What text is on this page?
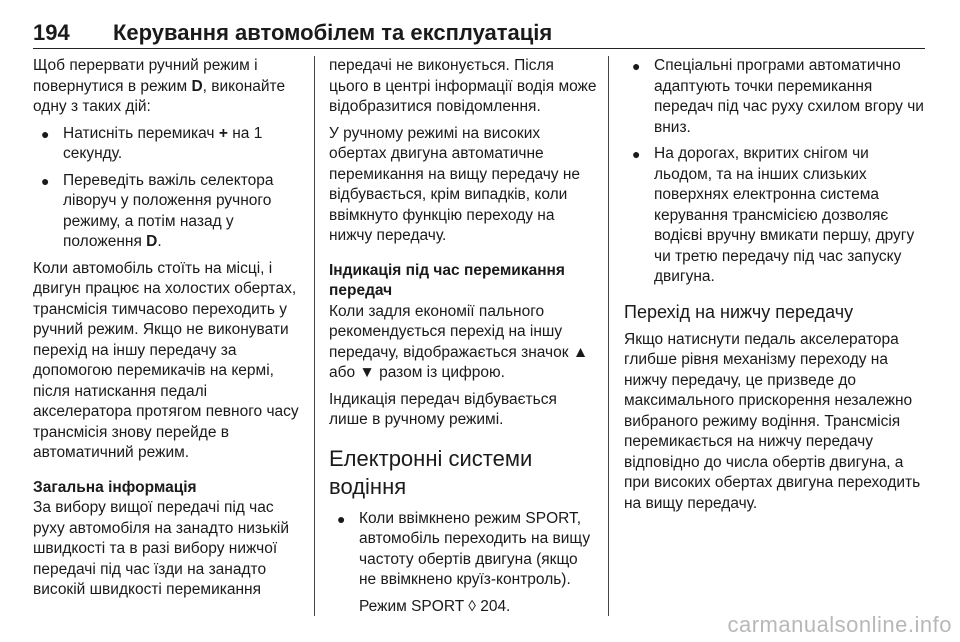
194 Керування автомобілем та експлуатація

Щоб перервати ручний режим і повернутися в режим D, виконайте одну з таких дій:

● Натисніть перемикач + на 1 секунду.
● Переведіть важіль селектора ліворуч у положення ручного режиму, а потім назад у положення D.

Коли автомобіль стоїть на місці, і двигун працює на холостих обертах, трансмісія тимчасово переходить у ручний режим. Якщо не виконувати перехід на іншу передачу за допомогою перемикачів на кермі, після натискання педалі акселератора протягом певного часу трансмісія знову перейде в автоматичний режим.

Загальна інформація

За вибору вищої передачі під час руху автомобіля на занадто низькій швидкості та в разі вибору нижчої передачі під час їзди на занадто високій швидкості перемикання

передачі не виконується. Після цього в центрі інформації водія може відобразитися повідомлення.

У ручному режимі на високих обертах двигуна автоматичне перемикання на вищу передачу не відбувається, крім випадків, коли ввімкнуто функцію переходу на нижчу передачу.

Індикація під час перемикання передач

Коли задля економії пального рекомендується перехід на іншу передачу, відображається значок ▲ або ▼ разом із цифрою.

Індикація передач відбувається лише в ручному режимі.

Електронні системи водіння

● Коли ввімкнено режим SPORT, автомобіль переходить на вищу частоту обертів двигуна (якщо не ввімкнено круїз-контроль).
Режим SPORT ◊ 204.
● Спеціальні програми автоматично адаптують точки перемикання передач під час руху схилом вгору чи вниз.
● На дорогах, вкритих снігом чи льодом, та на інших слизьких поверхнях електронна система керування трансмісією дозволяє водієві вручну вмикати першу, другу чи третю передачу під час запуску двигуна.

Перехід на нижчу передачу

Якщо натиснути педаль акселератора глибше рівня механізму переходу на нижчу передачу, це призведе до максимального прискорення незалежно вибраного режиму водіння. Трансмісія перемикається на нижчу передачу відповідно до числа обертів двигуна, а при високих обертах двигуна переходить на вищу передачу.

carmanualsonline.info
